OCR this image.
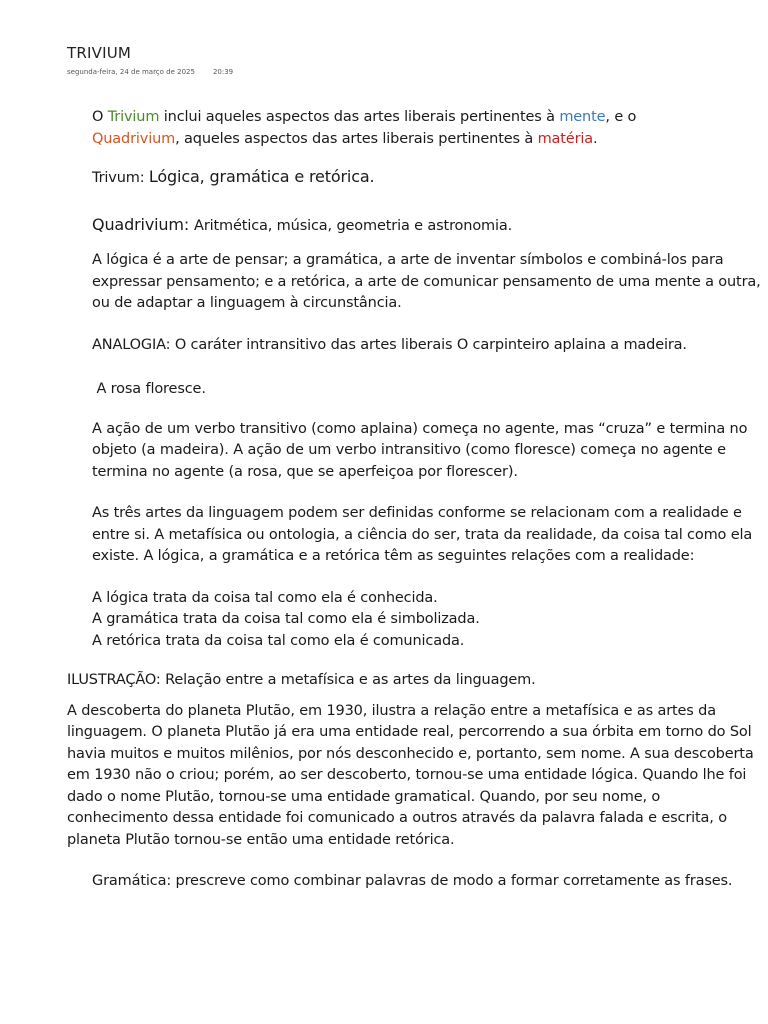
TRIVIUM
segunda-feira, 24 de março de 2025	20:39

O Trivium inclui aqueles aspectos das artes liberais pertinentes à mente, e o
Quadrivium, aqueles aspectos das artes liberais pertinentes à matéria.

Trivum: Lógica, gramática e retórica.

Quadrivium: Aritmética, música, geometria e astronomia.

A lógica é a arte de pensar; a gramática, a arte de inventar símbolos e combiná-los para expressar pensamento; e a retórica, a arte de comunicar pensamento de uma mente a outra, ou de adaptar a linguagem à circunstância.

ANALOGIA: O caráter intransitivo das artes liberais O carpinteiro aplaina a madeira.

A rosa floresce.

A ação de um verbo transitivo (como aplaina) começa no agente, mas “cruza” e termina no objeto (a madeira). A ação de um verbo intransitivo (como floresce) começa no agente e termina no agente (a rosa, que se aperfeiçoa por florescer).

As três artes da linguagem podem ser definidas conforme se relacionam com a realidade e entre si. A metafísica ou ontologia, a ciência do ser, trata da realidade, da coisa tal como ela existe. A lógica, a gramática e a retórica têm as seguintes relações com a realidade:

A lógica trata da coisa tal como ela é conhecida.

A gramática trata da coisa tal como ela é simbolizada.

A retórica trata da coisa tal como ela é comunicada.

ILUSTRAÇÃO: Relação entre a metafísica e as artes da linguagem.

A descoberta do planeta Plutão, em 1930, ilustra a relação entre a metafísica e as artes da linguagem. O planeta Plutão já era uma entidade real, percorrendo a sua órbita em torno do Sol havia muitos e muitos milênios, por nós desconhecido e, portanto, sem nome. A sua descoberta em 1930 não o criou; porém, ao ser descoberto, tornou-se uma entidade lógica. Quando lhe foi dado o nome Plutão, tornou-se uma entidade gramatical. Quando, por seu nome, o conhecimento dessa entidade foi comunicado a outros através da palavra falada e escrita, o planeta Plutão tornou-se então uma entidade retórica.

Gramática: prescreve como combinar palavras de modo a formar corretamente as frases.
